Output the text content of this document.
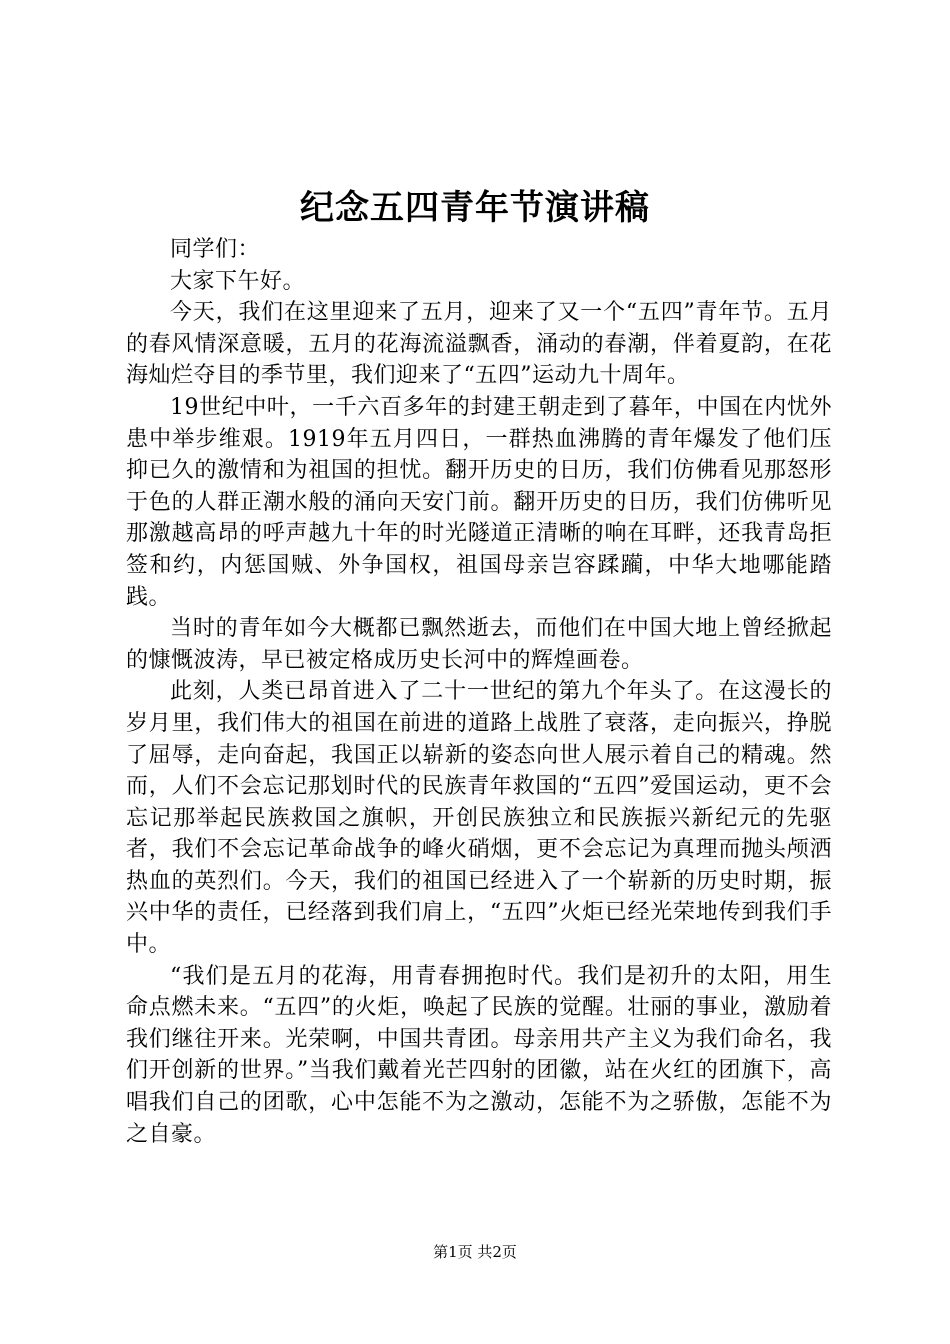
纪念五四青年节演讲稿

同学们：

大家下午好。

今天，我们在这里迎来了五月，迎来了又一个“五四”青年节。五月的春风情深意暖，五月的花海流溢飘香，涌动的春潮，伴着夏韵，在花海灿烂夺目的季节里，我们迎来了“五四”运动九十周年。

19世纪中叶，一千六百多年的封建王朝走到了暮年，中国在内忧外患中举步维艰。1919年五月四日，一群热血沸腾的青年爆发了他们压抑已久的激情和为祖国的担忧。翻开历史的日历，我们仿佛看见那怒形于色的人群正潮水般的涌向天安门前。翻开历史的日历，我们仿佛听见那激越高昂的呼声越九十年的时光隧道正清晰的响在耳畔，还我青岛拒签和约，内惩国贼、外争国权，祖国母亲岂容蹂躏，中华大地哪能踏践。

当时的青年如今大概都已飘然逝去，而他们在中国大地上曾经掀起的慷慨波涛，早已被定格成历史长河中的辉煌画卷。

此刻，人类已昂首进入了二十一世纪的第九个年头了。在这漫长的岁月里，我们伟大的祖国在前进的道路上战胜了衰落，走向振兴，挣脱了屈辱，走向奋起，我国正以崭新的姿态向世人展示着自己的精魂。然而，人们不会忘记那划时代的民族青年救国的“五四”爱国运动，更不会忘记那举起民族救国之旗帜，开创民族独立和民族振兴新纪元的先驱者，我们不会忘记革命战争的峰火硝烟，更不会忘记为真理而抛头颅洒热血的英烈们。今天，我们的祖国已经进入了一个崭新的历史时期，振兴中华的责任，已经落到我们肩上，“五四”火炬已经光荣地传到我们手中。

“我们是五月的花海，用青春拥抱时代。我们是初升的太阳，用生命点燃未来。“五四”的火炬，唤起了民族的觉醒。壮丽的事业，激励着我们继往开来。光荣啊，中国共青团。母亲用共产主义为我们命名，我们开创新的世界。”当我们戴着光芒四射的团徽，站在火红的团旗下，高唱我们自己的团歌，心中怎能不为之激动，怎能不为之骄傲，怎能不为之自豪。

第1页 共2页
